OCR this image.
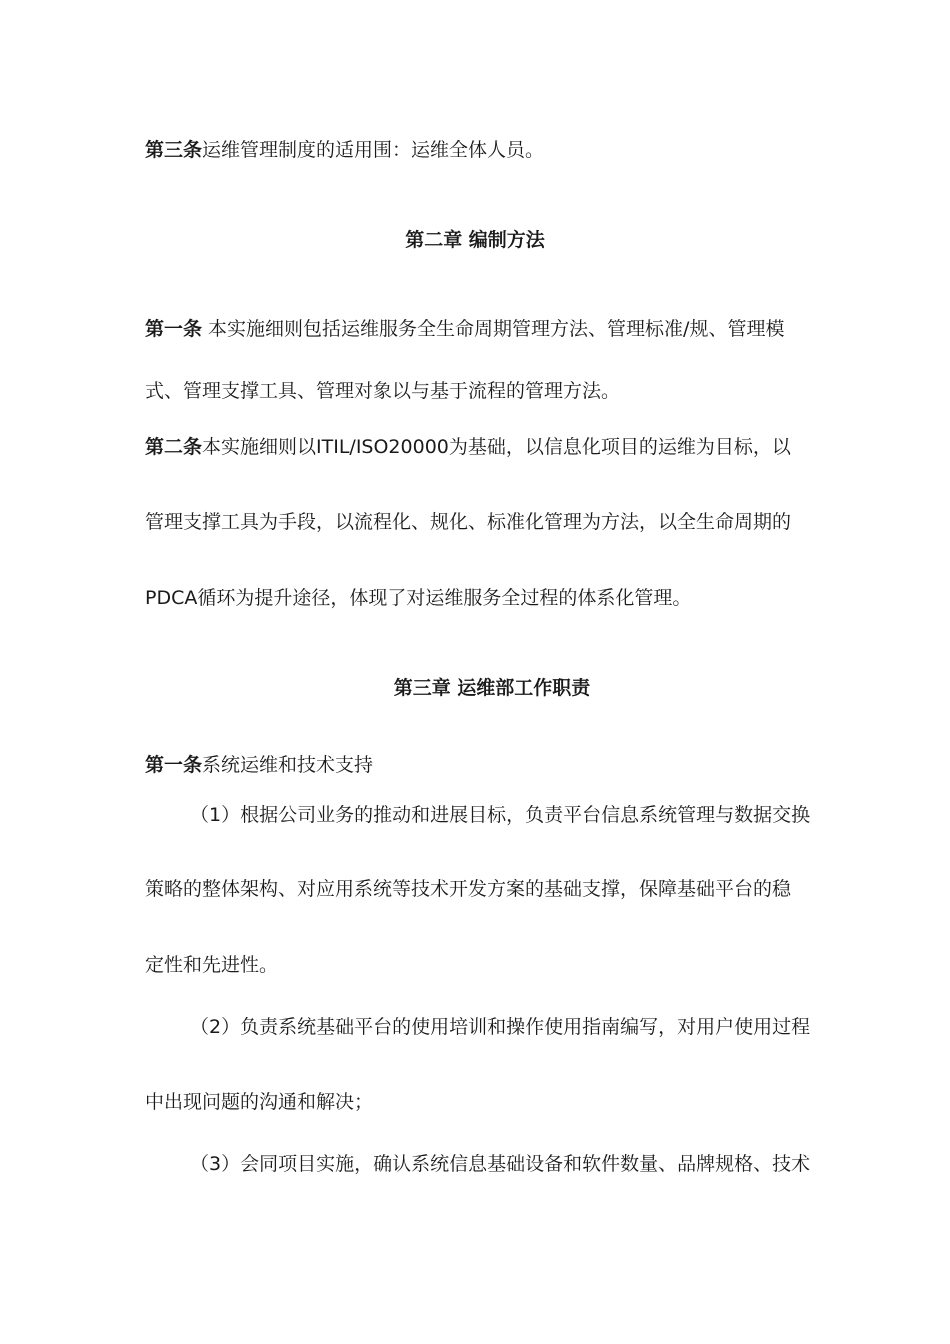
第三条运维管理制度的适用围：运维全体人员。
第二章 编制方法
第一条 本实施细则包括运维服务全生命周期管理方法、管理标准/规、管理模
式、管理支撑工具、管理对象以与基于流程的管理方法。
第二条本实施细则以ITIL/ISO20000为基础，以信息化项目的运维为目标，以
管理支撑工具为手段，以流程化、规化、标准化管理为方法，以全生命周期的
PDCA循环为提升途径，体现了对运维服务全过程的体系化管理。
第三章 运维部工作职责
第一条系统运维和技术支持
（1）根据公司业务的推动和进展目标，负责平台信息系统管理与数据交换
策略的整体架构、对应用系统等技术开发方案的基础支撑，保障基础平台的稳
定性和先进性。
（2）负责系统基础平台的使用培训和操作使用指南编写，对用户使用过程
中出现问题的沟通和解决；
（3）会同项目实施，确认系统信息基础设备和软件数量、品牌规格、技术
